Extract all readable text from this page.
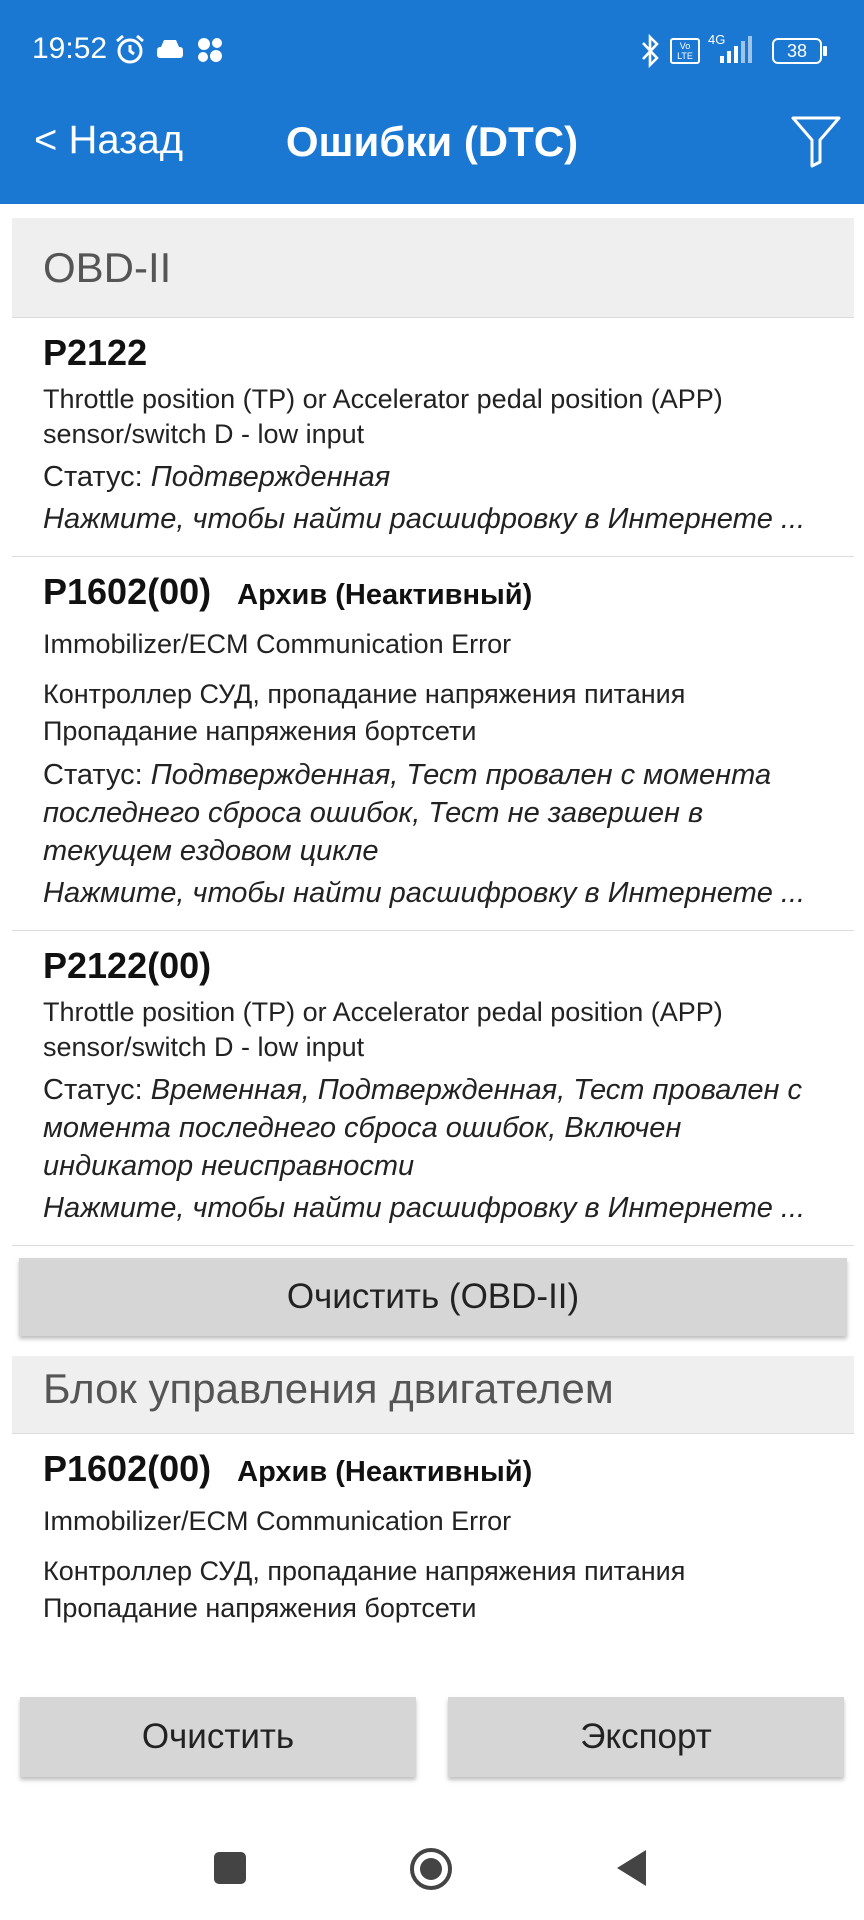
19:52	Vo LTE
4G
38
< Назад	Ошибки (DTC)
OBD-II
P2122
Throttle position (TP) or Accelerator pedal position (APP) sensor/switch D - low input
Статус: Подтвержденная
Нажмите, чтобы найти расшифровку в Интернете ...
P1602(00) Архив (Неактивный)
Immobilizer/ECM Communication Error
Контроллер СУД, пропадание напряжения питания
Пропадание напряжения бортсети
Статус: Подтвержденная, Тест провален с момента последнего сброса ошибок, Тест не завершен в текущем ездовом цикле
Нажмите, чтобы найти расшифровку в Интернете ...
P2122(00)
Throttle position (TP) or Accelerator pedal position (APP) sensor/switch D - low input
Статус: Временная, Подтвержденная, Тест провален с момента последнего сброса ошибок, Включен индикатор неисправности
Нажмите, чтобы найти расшифровку в Интернете ...
Очистить (OBD-II)
Блок управления двигателем
P1602(00) Архив (Неактивный)
Immobilizer/ECM Communication Error
Контроллер СУД, пропадание напряжения питания
Пропадание напряжения бортсети
Очистить	Экспорт
